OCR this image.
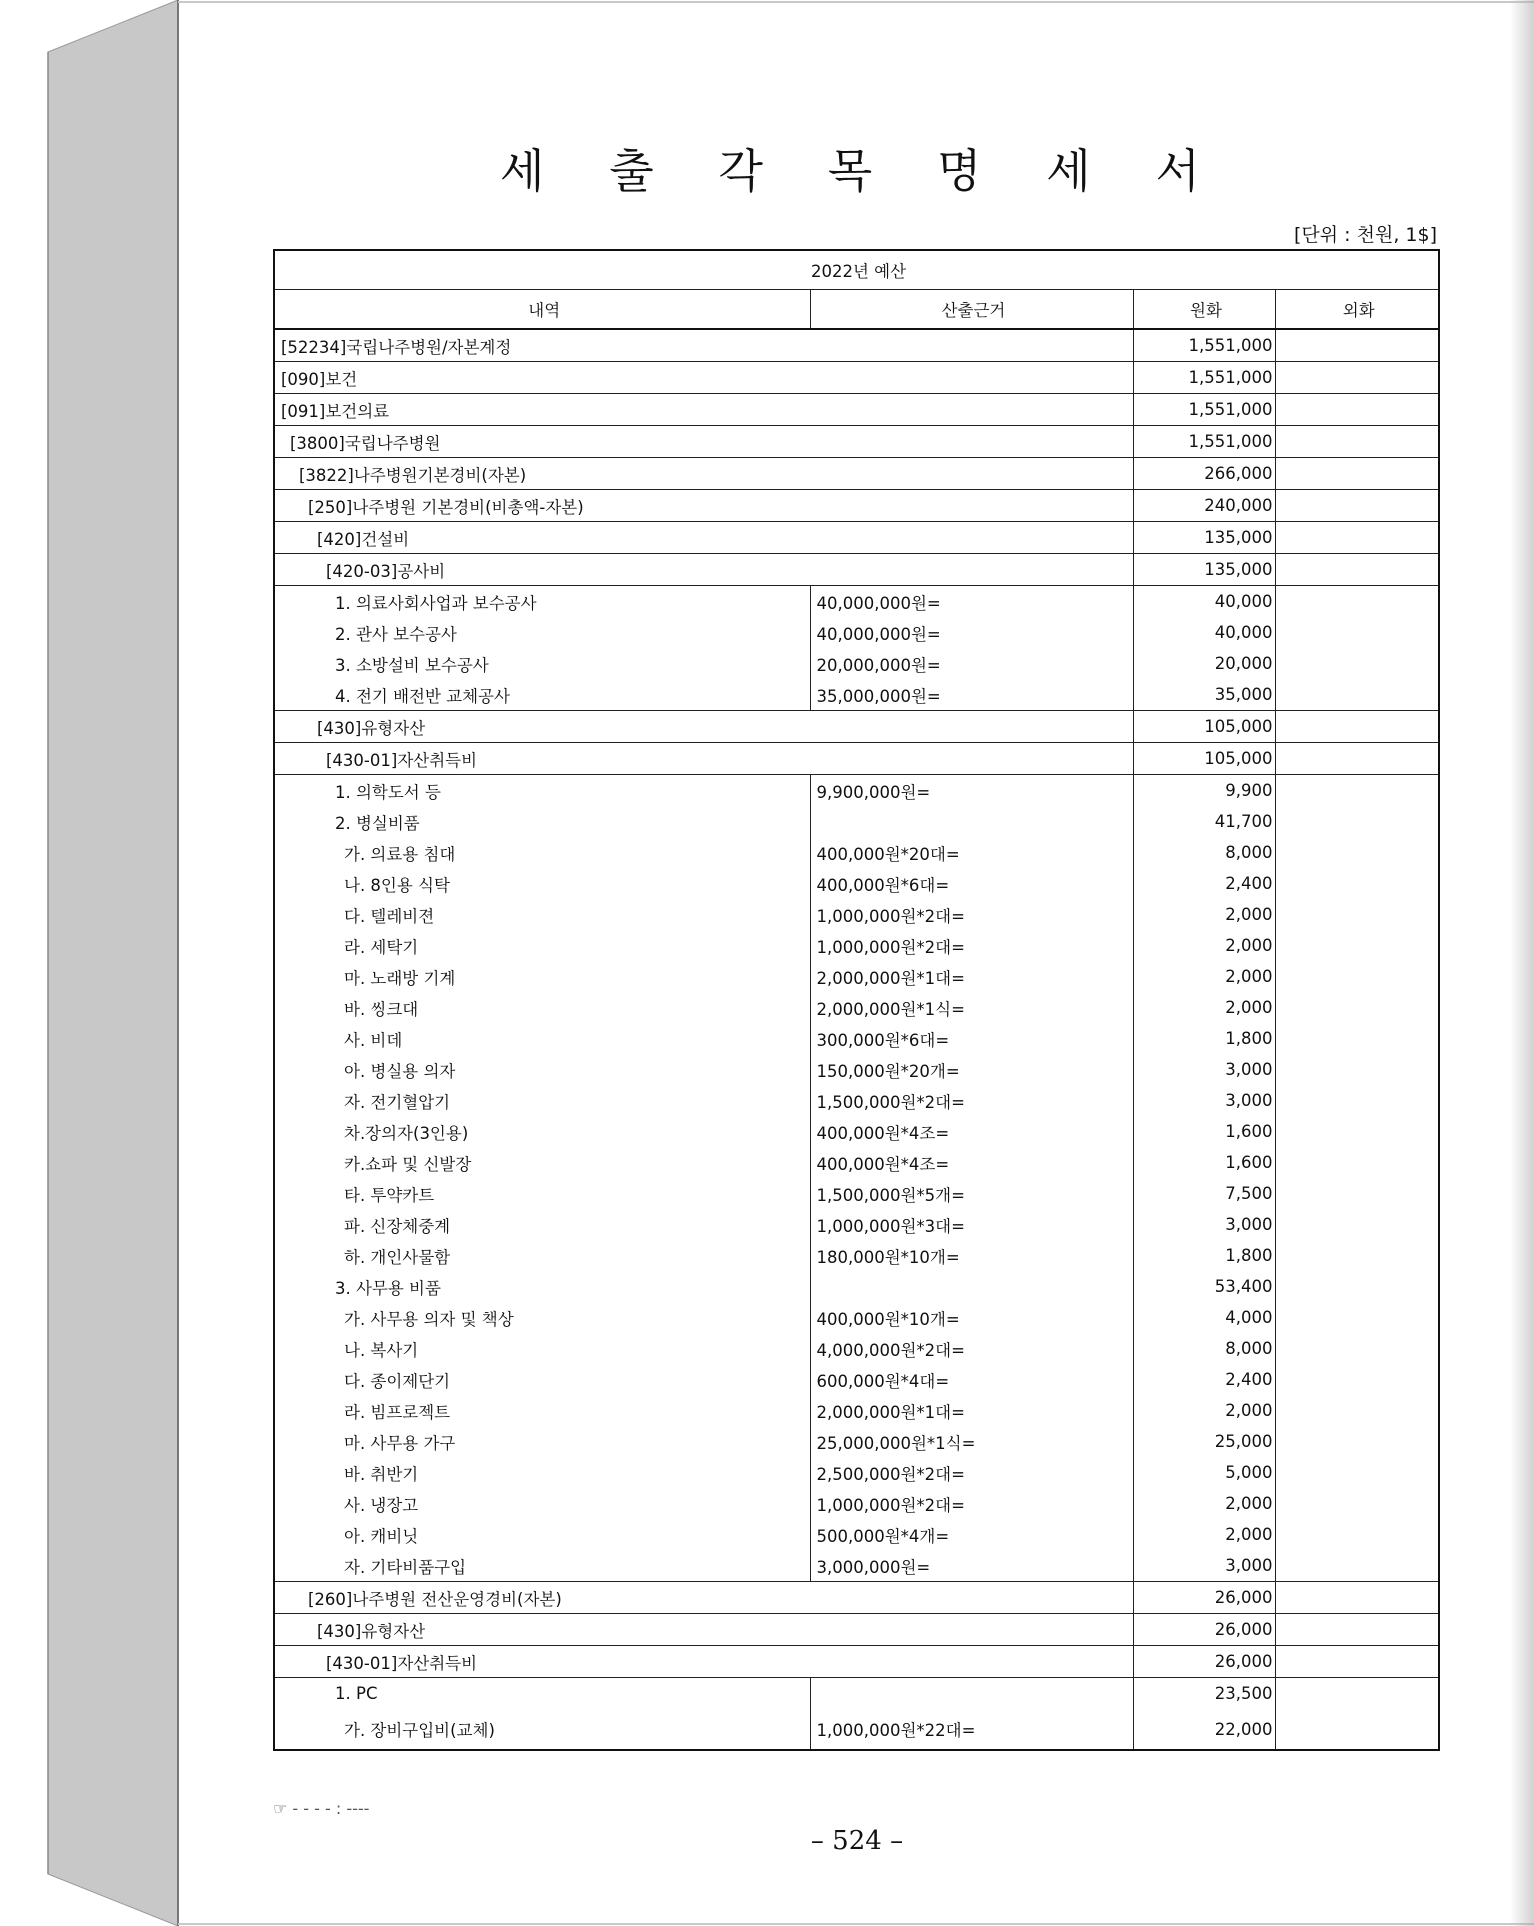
세 출 각 목 명 세 서
[단위 : 천원, 1$]
2022년 예산			
내역	산출근거	원화	외화
[52234]국립나주병원/자본계정		1,551,000	
[090]보건		1,551,000	
[091]보건의료		1,551,000	
[3800]국립나주병원		1,551,000	
[3822]나주병원기본경비(자본)		266,000	
[250]나주병원 기본경비(비총액-자본)		240,000	
[420]건설비		135,000	
[420-03]공사비		135,000	
1. 의료사회사업과 보수공사	40,000,000원=	40,000	
2. 관사 보수공사	40,000,000원=	40,000	
3. 소방설비 보수공사	20,000,000원=	20,000	
4. 전기 배전반 교체공사	35,000,000원=	35,000	
[430]유형자산		105,000	
[430-01]자산취득비		105,000	
1. 의학도서 등	9,900,000원=	9,900	
2. 병실비품		41,700	
가. 의료용 침대	400,000원*20대=	8,000	
나. 8인용 식탁	400,000원*6대=	2,400	
다. 텔레비젼	1,000,000원*2대=	2,000	
라. 세탁기	1,000,000원*2대=	2,000	
마. 노래방 기계	2,000,000원*1대=	2,000	
바. 씽크대	2,000,000원*1식=	2,000	
사. 비데	300,000원*6대=	1,800	
아. 병실용 의자	150,000원*20개=	3,000	
자. 전기혈압기	1,500,000원*2대=	3,000	
차.장의자(3인용)	400,000원*4조=	1,600	
카.쇼파 및 신발장	400,000원*4조=	1,600	
타. 투약카트	1,500,000원*5개=	7,500	
파. 신장체중계	1,000,000원*3대=	3,000	
하. 개인사물함	180,000원*10개=	1,800	
3. 사무용 비품		53,400	
가. 사무용 의자 및 책상	400,000원*10개=	4,000	
나. 복사기	4,000,000원*2대=	8,000	
다. 종이제단기	600,000원*4대=	2,400	
라. 빔프로젝트	2,000,000원*1대=	2,000	
마. 사무용 가구	25,000,000원*1식=	25,000	
바. 취반기	2,500,000원*2대=	5,000	
사. 냉장고	1,000,000원*2대=	2,000	
아. 캐비닛	500,000원*4개=	2,000	
자. 기타비품구입	3,000,000원=	3,000	
[260]나주병원 전산운영경비(자본)		26,000	
[430]유형자산		26,000	
[430-01]자산취득비		26,000	
1. PC		23,500	
가. 장비구입비(교체)	1,000,000원*22대=	22,000	
☞ - - - - : ----
– 524 –
